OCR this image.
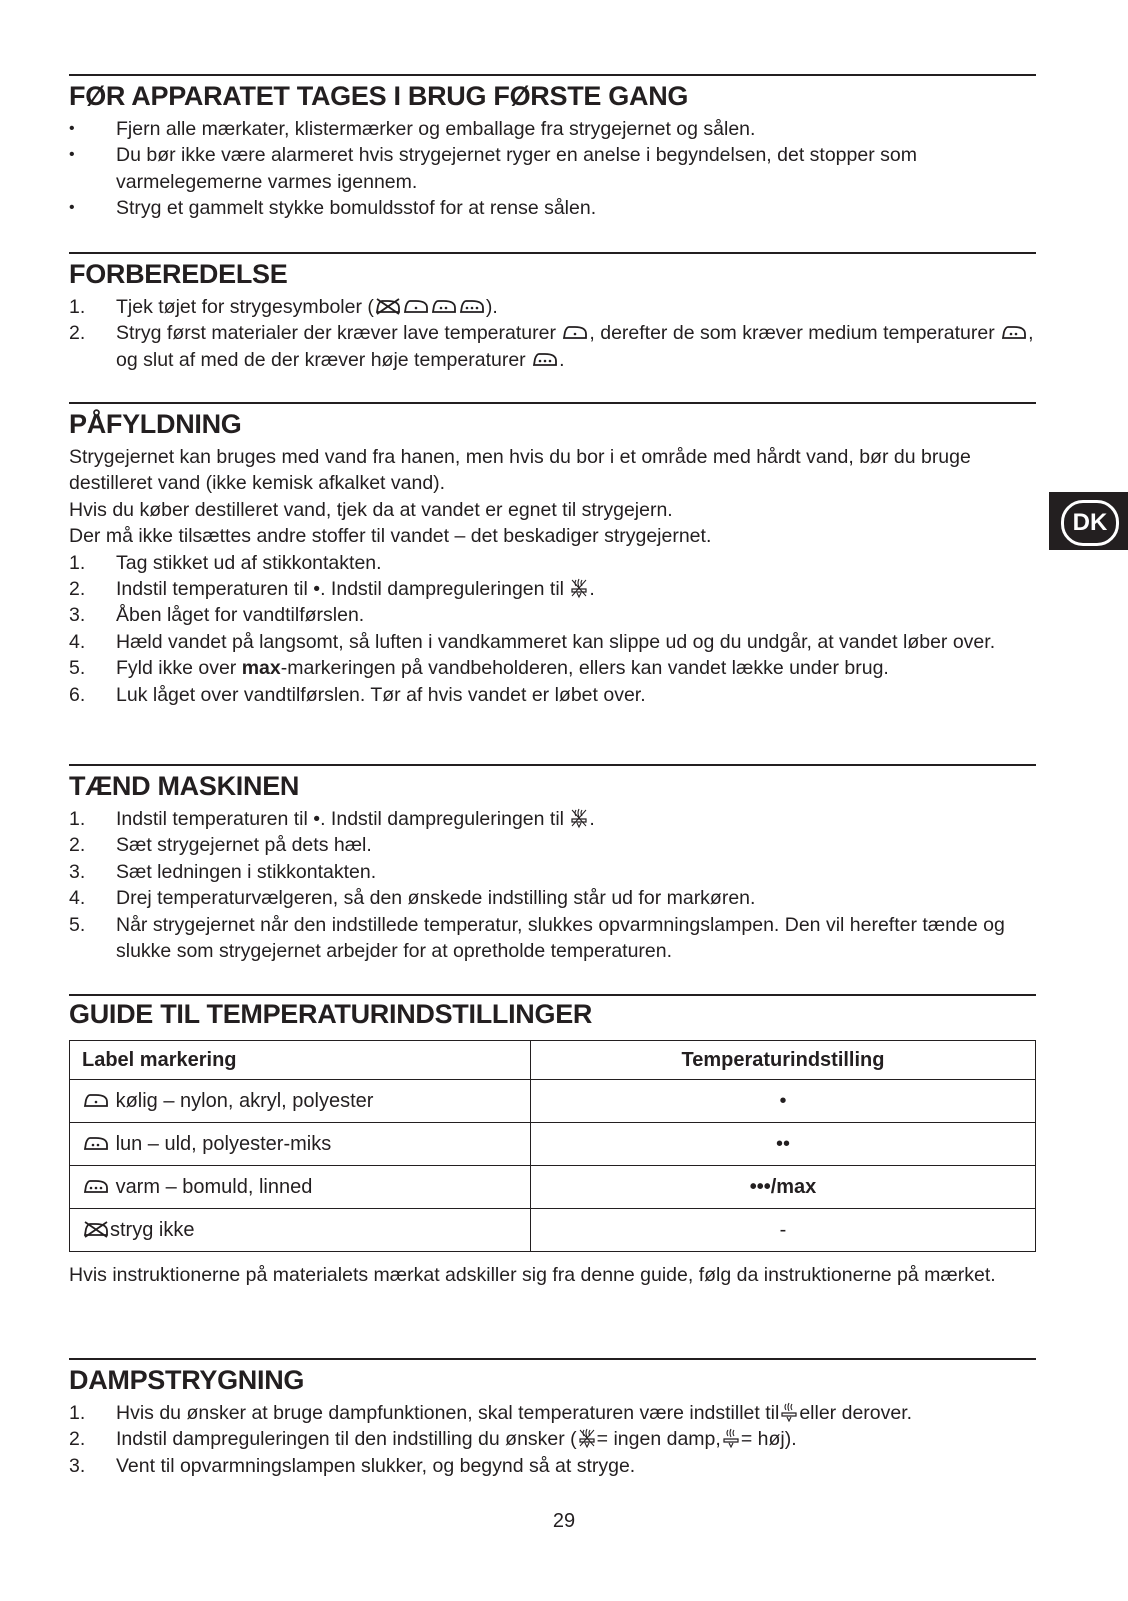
FØR APPARATET TAGES I BRUG FØRSTE GANG
• Fjern alle mærkater, klistermærker og emballage fra strygejernet og sålen.
• Du bør ikke være alarmeret hvis strygejernet ryger en anelse i begyndelsen, det stopper som varmelegemerne varmes igennem.
• Stryg et gammelt stykke bomuldsstof for at rense sålen.
FORBEREDELSE
1. Tjek tøjet for strygesymboler (	).
2. Stryg først materialer der kræver lave temperaturer , derefter de som kræver medium temperaturer , og slut af med de der kræver høje temperaturer .
PÅFYLDNING

Strygejernet kan bruges med vand fra hanen, men hvis du bor i et område med hårdt vand, bør du bruge destilleret vand (ikke kemisk afkalket vand).

Hvis du køber destilleret vand, tjek da at vandet er egnet til strygejern.

Der må ikke tilsættes andre stoffer til vandet – det beskadiger strygejernet.

1. Tag stikket ud af stikkontakten.
2. Indstil temperaturen til •. Indstil dampreguleringen til .
3. Åben låget for vandtilførslen.
4. Hæld vandet på langsomt, så luften i vandkammeret kan slippe ud og du undgår, at vandet løber over.
5. Fyld ikke over max-markeringen på vandbeholderen, ellers kan vandet lække under brug.
6. Luk låget over vandtilførslen. Tør af hvis vandet er løbet over.
TÆND MASKINEN
1. Indstil temperaturen til •. Indstil dampreguleringen til .
2. Sæt strygejernet på dets hæl.
3. Sæt ledningen i stikkontakten.
4. Drej temperaturvælgeren, så den ønskede indstilling står ud for markøren.
5. Når strygejernet når den indstillede temperatur, slukkes opvarmningslampen. Den vil herefter tænde og slukke som strygejernet arbejder for at opretholde temperaturen.
GUIDE TIL TEMPERATURINDSTILLINGER
Label markering	Temperaturindstilling

kølig – nylon, akryl, polyester	•

lun – uld, polyester-miks	••

varm – bomuld, linned	•••/max

stryg ikke	-

Hvis instruktionerne på materialets mærkat adskiller sig fra denne guide, følg da instruktionerne på mærket.

DAMPSTRYGNING
1. Hvis du ønsker at bruge dampfunktionen, skal temperaturen være indstillet til eller derover.
2. Indstil dampreguleringen til den indstilling du ønsker ( = ingen damp, = høj).
3. Vent til opvarmningslampen slukker, og begynd så at stryge.
DK
29
